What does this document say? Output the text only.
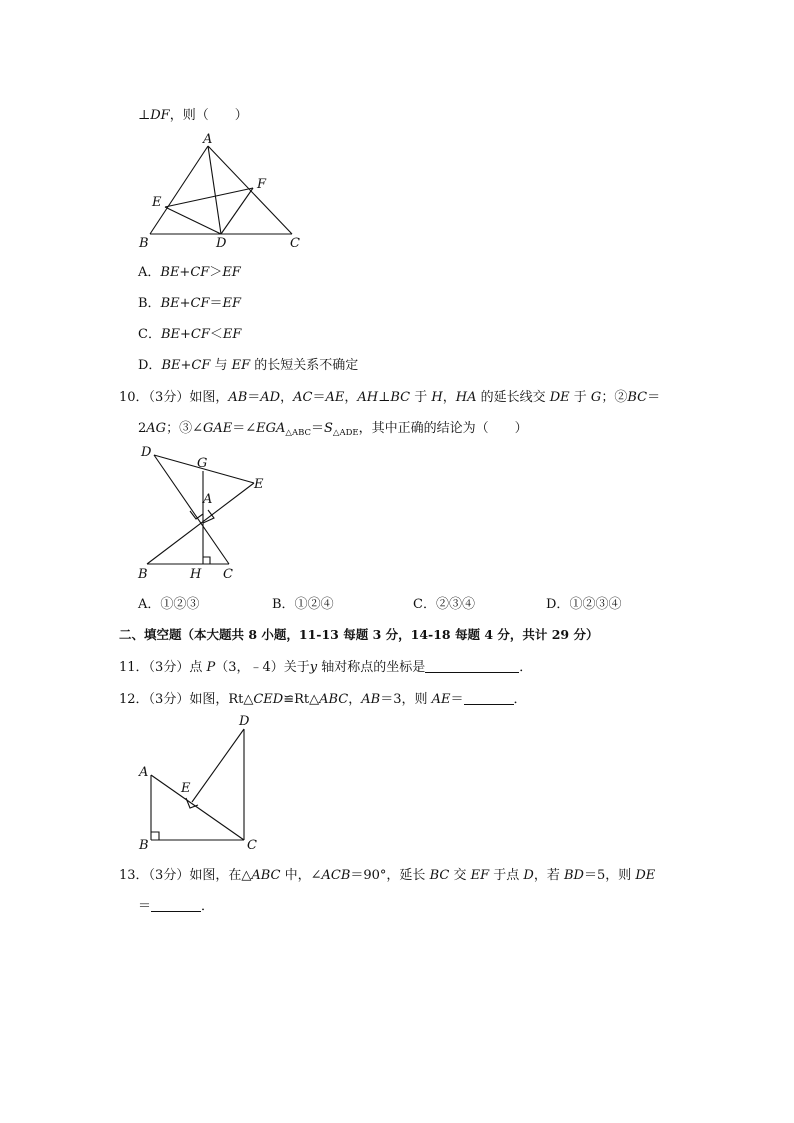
⊥DF，则（　　）
A
B	C
D
E
F
A．BE+CF＞EF
B．BE+CF＝EF
C．BE+CF＜EF
D．BE+CF 与 EF 的长短关系不确定
10．（3分）如图，AB＝AD，AC＝AE，AH⊥BC 于 H，HA 的延长线交 DE 于 G；②BC＝
2AG；$③\angle GAE=\angle EGA_{\triangle ABC}=S_{\triangle ADE}$，其中正确的结论为（　　）
D
G
E
A
B	H C
A．①②③	B．①②④	C．②③④	D．①②③④
二、填空题（本大题共 8 小题，11-13 每题 3 分，14-18 每题 4 分，共计 29 分）
11．（3分）点 P（3，﹣4）关于y 轴对称点的坐标是	．
12．（3分）如图，Rt△CED≌Rt△ABC，AB＝3，则 AE＝	．
A
B	C
D
E
13．（3分）如图，在△ABC 中，∠ACB＝90°，延长 BC 交 EF 于点 D，若 BD＝5，则 DE
＝	．
